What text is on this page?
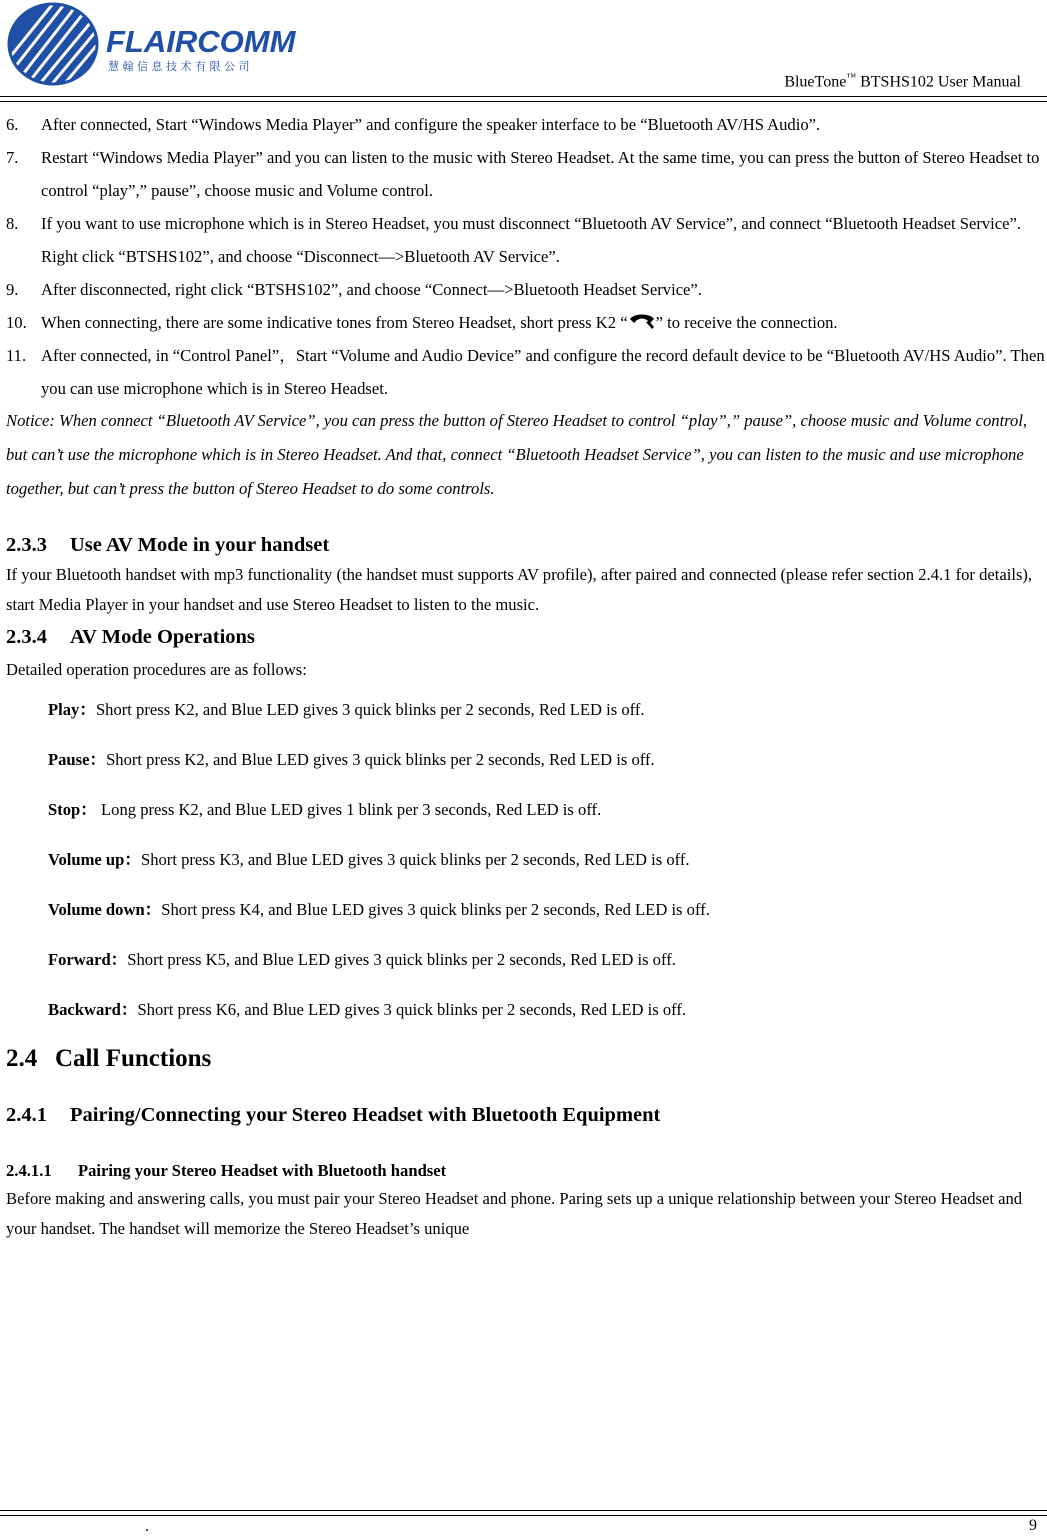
FLAIRCOMM
慧 翰 信 息 技 术 有 限 公 司
BlueTone™ BTSHS102 User Manual
6.	After connected, Start “Windows Media Player” and configure the speaker interface to be “Bluetooth AV/HS Audio”.
7.	Restart “Windows Media Player” and you can listen to the music with Stereo Headset. At the same time, you can press the button of Stereo Headset to control “play”,” pause”, choose music and Volume control.
8.	If you want to use microphone which is in Stereo Headset, you must disconnect “Bluetooth AV Service”, and connect “Bluetooth Headset Service”. Right click “BTSHS102”, and choose “Disconnect—>Bluetooth AV Service”.
9.	After disconnected, right click “BTSHS102”, and choose “Connect—>Bluetooth Headset Service”.
10. When connecting, there are some indicative tones from Stereo Headset, short press K2 “ ” to receive the connection.
11. After connected, in “Control Panel”，Start “Volume and Audio Device” and configure the record default device to be “Bluetooth AV/HS Audio”. Then you can use microphone which is in Stereo Headset.
Notice: When connect “Bluetooth AV Service”, you can press the button of Stereo Headset to control “play”,” pause”, choose music and Volume control, but can’t use the microphone which is in Stereo Headset. And that, connect “Bluetooth Headset Service”, you can listen to the music and use microphone together, but can’t press the button of Stereo Headset to do some controls.
2.3.3 Use AV Mode in your handset
If your Bluetooth handset with mp3 functionality (the handset must supports AV profile), after paired and connected (please refer section 2.4.1 for details), start Media Player in your handset and use Stereo Headset to listen to the music.
2.3.4 AV Mode Operations
Detailed operation procedures are as follows:
Play：Short press K2, and Blue LED gives 3 quick blinks per 2 seconds, Red LED is off.
Pause：Short press K2, and Blue LED gives 3 quick blinks per 2 seconds, Red LED is off.
Stop： Long press K2, and Blue LED gives 1 blink per 3 seconds, Red LED is off.
Volume up：Short press K3, and Blue LED gives 3 quick blinks per 2 seconds, Red LED is off.
Volume down：Short press K4, and Blue LED gives 3 quick blinks per 2 seconds, Red LED is off.
Forward：Short press K5, and Blue LED gives 3 quick blinks per 2 seconds, Red LED is off.
Backward：Short press K6, and Blue LED gives 3 quick blinks per 2 seconds, Red LED is off.
2.4 Call Functions
2.4.1 Pairing/Connecting your Stereo Headset with Bluetooth Equipment
2.4.1.1 Pairing your Stereo Headset with Bluetooth handset
Before making and answering calls, you must pair your Stereo Headset and phone. Paring sets up a unique relationship between your Stereo Headset and your handset. The handset will memorize the Stereo Headset’s unique
.	9
